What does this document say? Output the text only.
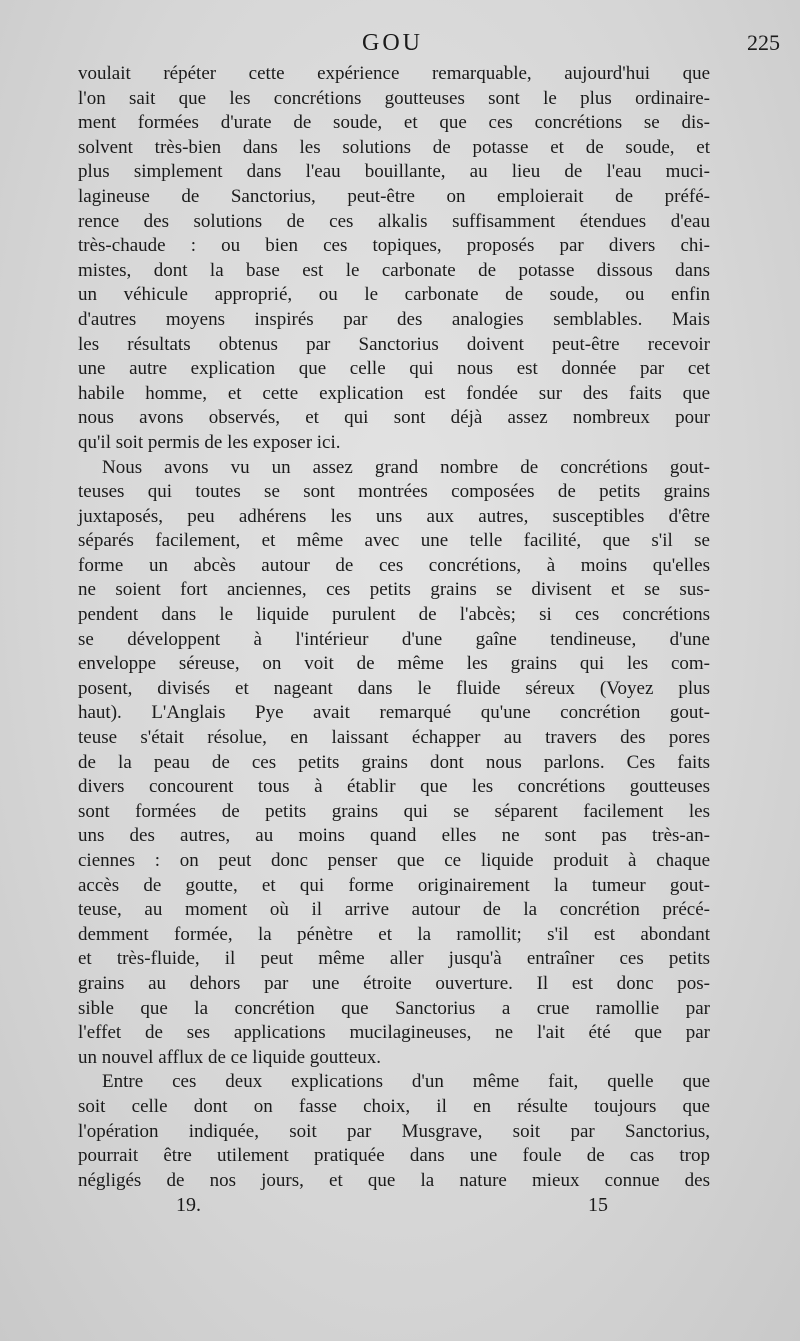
GOU	225
voulait répéter cette expérience remarquable, aujourd'hui que
l'on sait que les concrétions goutteuses sont le plus ordinaire-
ment formées d'urate de soude, et que ces concrétions se dis-
solvent très-bien dans les solutions de potasse et de soude, et
plus simplement dans l'eau bouillante, au lieu de l'eau muci-
lagineuse de Sanctorius, peut-être on emploierait de préfé-
rence des solutions de ces alkalis suffisamment étendues d'eau
très-chaude : ou bien ces topiques, proposés par divers chi-
mistes, dont la base est le carbonate de potasse dissous dans
un véhicule approprié, ou le carbonate de soude, ou enfin
d'autres moyens inspirés par des analogies semblables. Mais
les résultats obtenus par Sanctorius doivent peut-être recevoir
une autre explication que celle qui nous est donnée par cet
habile homme, et cette explication est fondée sur des faits que
nous avons observés, et qui sont déjà assez nombreux pour
qu'il soit permis de les exposer ici.
Nous avons vu un assez grand nombre de concrétions gout-
teuses qui toutes se sont montrées composées de petits grains
juxtaposés, peu adhérens les uns aux autres, susceptibles d'être
séparés facilement, et même avec une telle facilité, que s'il se
forme un abcès autour de ces concrétions, à moins qu'elles
ne soient fort anciennes, ces petits grains se divisent et se sus-
pendent dans le liquide purulent de l'abcès; si ces concrétions
se développent à l'intérieur d'une gaîne tendineuse, d'une
enveloppe séreuse, on voit de même les grains qui les com-
posent, divisés et nageant dans le fluide séreux (Voyez plus
haut). L'Anglais Pye avait remarqué qu'une concrétion gout-
teuse s'était résolue, en laissant échapper au travers des pores
de la peau de ces petits grains dont nous parlons. Ces faits
divers concourent tous à établir que les concrétions goutteuses
sont formées de petits grains qui se séparent facilement les
uns des autres, au moins quand elles ne sont pas très-an-
ciennes : on peut donc penser que ce liquide produit à chaque
accès de goutte, et qui forme originairement la tumeur gout-
teuse, au moment où il arrive autour de la concrétion précé-
demment formée, la pénètre et la ramollit; s'il est abondant
et très-fluide, il peut même aller jusqu'à entraîner ces petits
grains au dehors par une étroite ouverture. Il est donc pos-
sible que la concrétion que Sanctorius a crue ramollie par
l'effet de ses applications mucilagineuses, ne l'ait été que par
un nouvel afflux de ce liquide goutteux.
Entre ces deux explications d'un même fait, quelle que
soit celle dont on fasse choix, il en résulte toujours que
l'opération indiquée, soit par Musgrave, soit par Sanctorius,
pourrait être utilement pratiquée dans une foule de cas trop
négligés de nos jours, et que la nature mieux connue des
19.	15
